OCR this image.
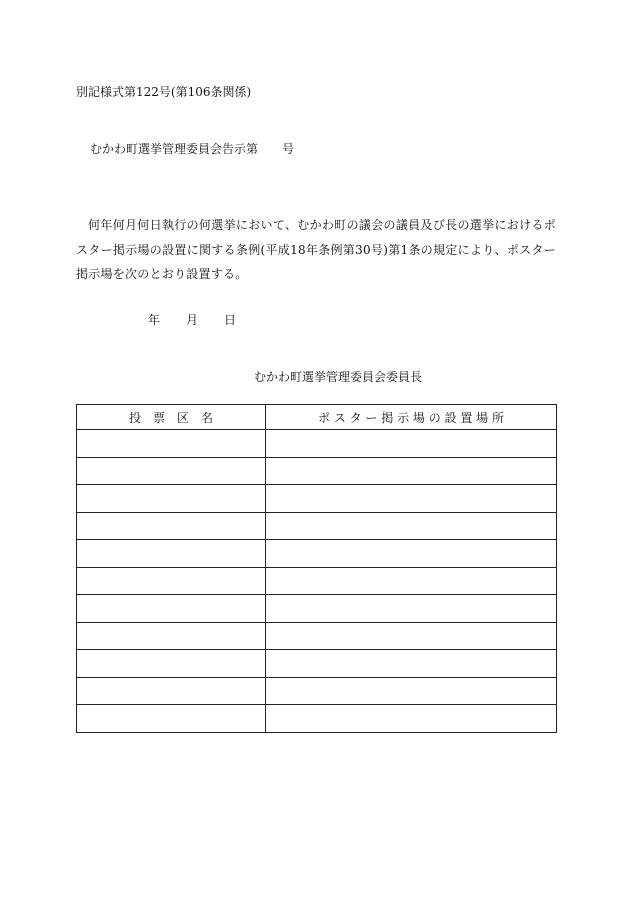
別記様式第122号(第106条関係)
むかわ町選挙管理委員会告示第　　号
何年何月何日執行の何選挙において、むかわ町の議会の議員及び長の選挙におけるポスター掲示場の設置に関する条例(平成18年条例第30号)第1条の規定により、ポスター掲示場を次のとおり設置する。
年 月 日
むかわ町選挙管理委員会委員長
投　票　区　名	ポ ス タ ー 掲 示 場 の 設 置 場 所
